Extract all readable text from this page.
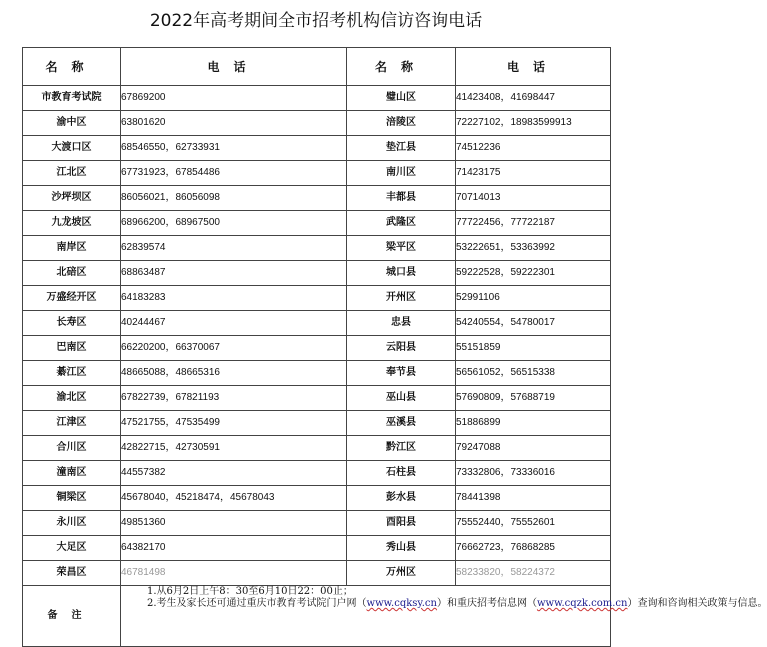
2022年高考期间全市招考机构信访咨询电话
名称	电话	名称	电话
市教育考试院	67869200	璧山区	41423408，41698447
渝中区	63801620	涪陵区	72227102，18983599913
大渡口区	68546550，62733931	垫江县	74512236
江北区	67731923，67854486	南川区	71423175
沙坪坝区	86056021，86056098	丰都县	70714013
九龙坡区	68966200，68967500	武隆区	77722456，77722187
南岸区	62839574	梁平区	53222651，53363992
北碚区	68863487	城口县	59222528，59222301
万盛经开区	64183283	开州区	52991106
长寿区	40244467	忠县	54240554，54780017
巴南区	66220200，66370067	云阳县	55151859
綦江区	48665088，48665316	奉节县	56561052，56515338
渝北区	67822739，67821193	巫山县	57690809，57688719
江津区	47521755，47535499	巫溪县	51886899
合川区	42822715，42730591	黔江区	79247088
潼南区	44557382	石柱县	73332806，73336016
铜梁区	45678040，45218474，45678043	彭水县	78441398
永川区	49851360	酉阳县	75552440，75552601
大足区	64382170	秀山县	76662723，76868285
荣昌区	46781498	万州区	58233820，58224372
备注	1.从6月2日上午8：30至6月10日22：00止；
2.考生及家长还可通过重庆市教育考试院门户网（www.cqksy.cn）和重庆招考信息网（www.cqzk.com.cn）查询和咨询相关政策与信息。		
